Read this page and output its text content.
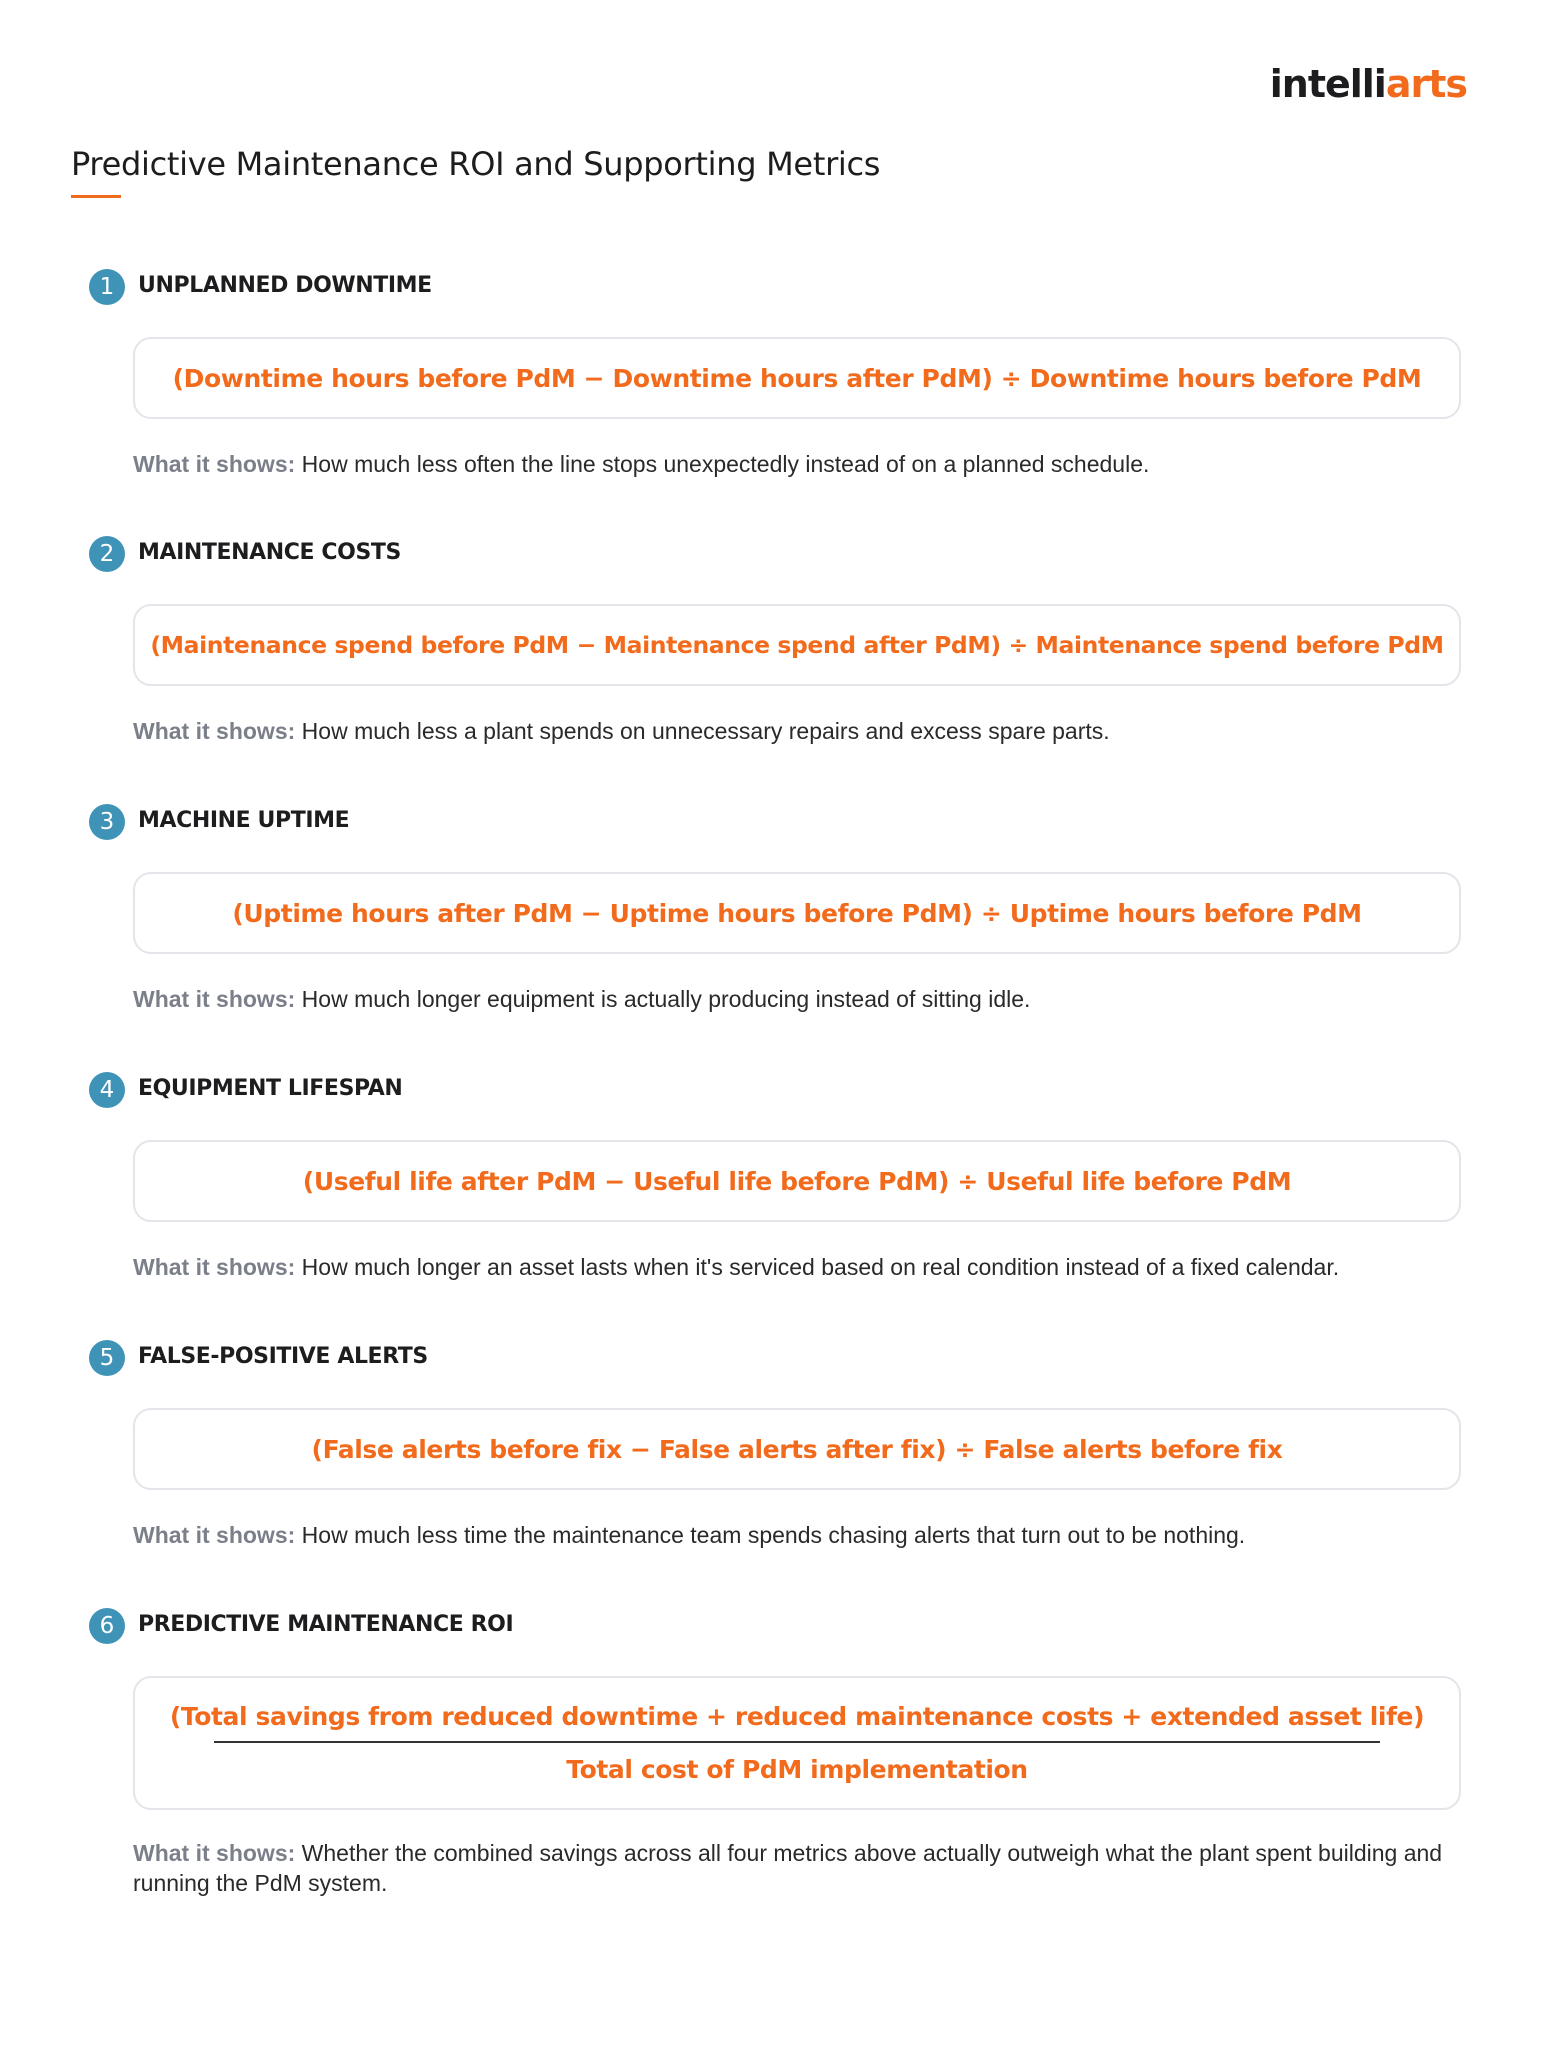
intelliarts
Predictive Maintenance ROI and Supporting Metrics
1	UNPLANNED DOWNTIME
(Downtime hours before PdM − Downtime hours after PdM) ÷ Downtime hours before PdM

What it shows: How much less often the line stops unexpectedly instead of on a planned schedule.

2	MAINTENANCE COSTS
(Maintenance spend before PdM − Maintenance spend after PdM) ÷ Maintenance spend before PdM

What it shows: How much less a plant spends on unnecessary repairs and excess spare parts.

3	MACHINE UPTIME
(Uptime hours after PdM − Uptime hours before PdM) ÷ Uptime hours before PdM

What it shows: How much longer equipment is actually producing instead of sitting idle.

4	EQUIPMENT LIFESPAN
(Useful life after PdM − Useful life before PdM) ÷ Useful life before PdM

What it shows: How much longer an asset lasts when it's serviced based on real condition instead of a fixed calendar.

5	FALSE-POSITIVE ALERTS
(False alerts before fix − False alerts after fix) ÷ False alerts before fix

What it shows: How much less time the maintenance team spends chasing alerts that turn out to be nothing.

6	PREDICTIVE MAINTENANCE ROI
(Total savings from reduced downtime + reduced maintenance costs + extended asset life)
Total cost of PdM implementation

What it shows: Whether the combined savings across all four metrics above actually outweigh what the plant spent building and running the PdM system.
